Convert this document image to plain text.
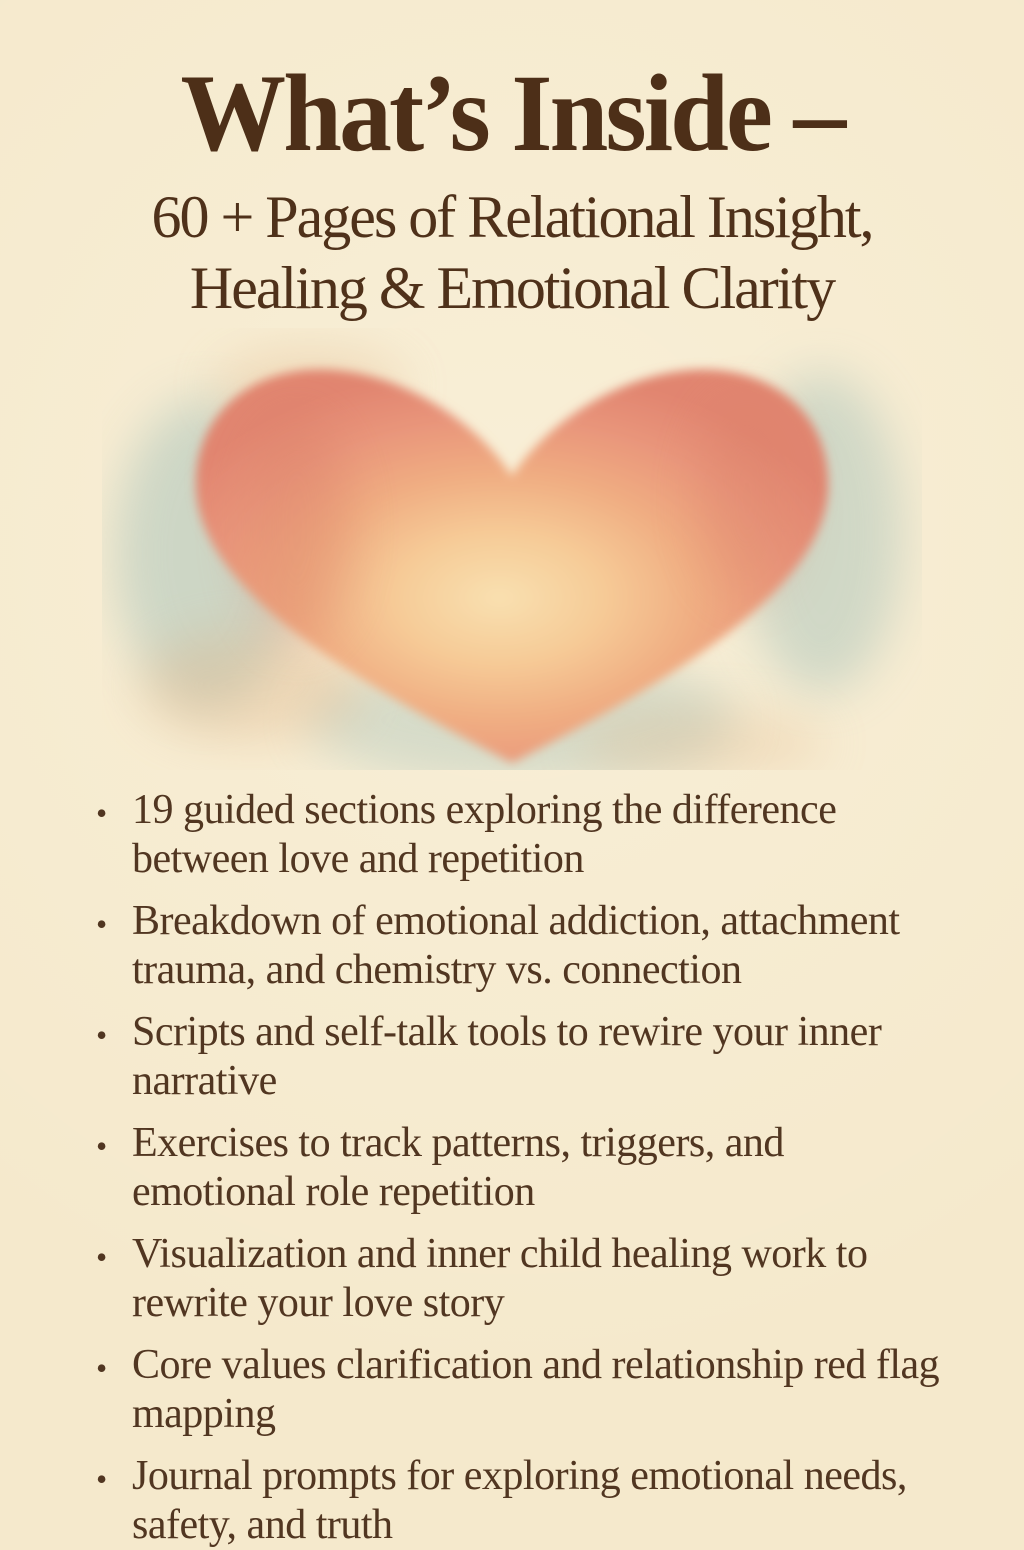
What’s Inside –
60 + Pages of Relational Insight,
Healing & Emotional Clarity
• 19 guided sections exploring the difference between love and repetition
• Breakdown of emotional addiction, attachment trauma, and chemistry vs. connection
• Scripts and self-talk tools to rewire your inner narrative
• Exercises to track patterns, triggers, and emotional role repetition
• Visualization and inner child healing work to rewrite your love story
• Core values clarification and relationship red flag mapping
• Journal prompts for exploring emotional needs, safety, and truth
